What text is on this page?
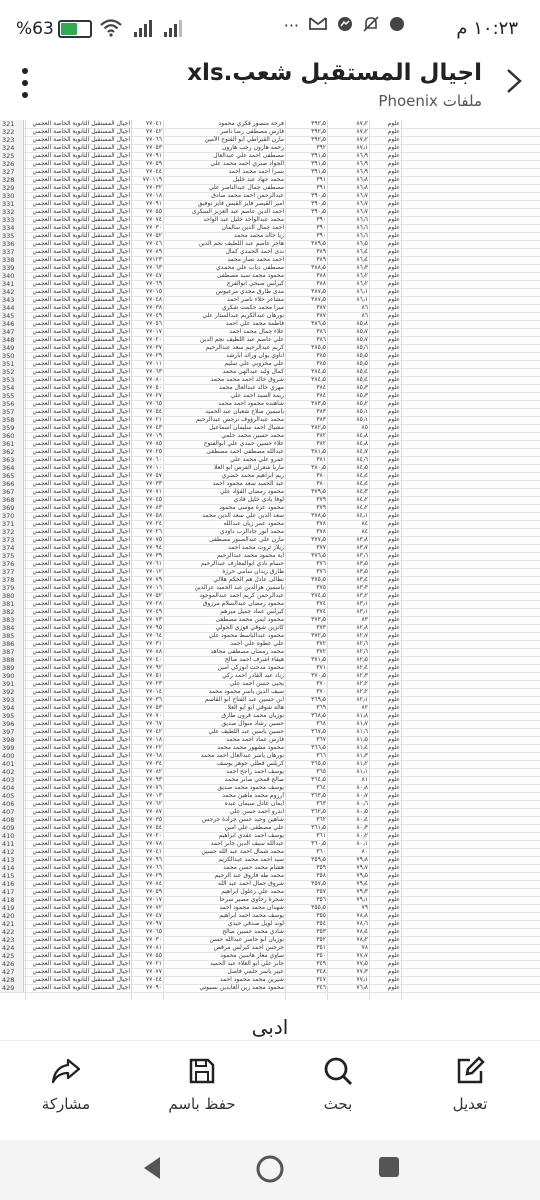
%63	···	١٠:٢٣ م
اجيال المستقبل شعب.xls
ملفات Phoenix
321	اجيال المستقبل الثانوية الخاصة العجمي	٧٧٠٤١	فرحة منصور فكري محمود	٣٩٢٫٥	٨٧٫٢	علوم
322	اجيال المستقبل الثانوية الخاصة العجمي	٧٧٠٤٢	فارس مصطفى رضا ناصر	٣٩٢٫٥	٨٧٫٢	علوم
323	اجيال المستقبل الثانوية الخاصة العجمي	٧٧٠٦٦	مازن القيراطي أبو الفتوح الأمين	٣٩٢٫٥	٨٧٫٢	علوم
324	اجيال المستقبل الثانوية الخاصة العجمي	٧٧٠٥٣	رحمه هارون رجب هارون	٣٩٢	٨٧٫١	علوم
325	اجيال المستقبل الثانوية الخاصة العجمي	٧٧٠٩١	مصطفى احمد علي عبدالعال	٣٩١٫٥	٨٦٫٩	علوم
326	اجيال المستقبل الثانوية الخاصة العجمي	٧٧٠٥٩	الجواد صبري احمد محمد علي	٣٩١٫٥	٨٦٫٩	علوم
327	اجيال المستقبل الثانوية الخاصة العجمي	٧٧٠٤٤	يسرا احمد محمد احمد	٣٩١٫٥	٨٦٫٩	علوم
328	اجيال المستقبل الثانوية الخاصة العجمي	٧٧٠١١٩	محمد جهاد عبد خليل	٣٩١	٨٦٫٨	علوم
329	اجيال المستقبل الثانوية الخاصة العجمي	٧٧٠٣٢	مصطفى جمال عبدالناصر علي	٣٩١	٨٦٫٨	علوم
330	اجيال المستقبل الثانوية الخاصة العجمي	٧٧٠١٨	عبدالرحمن احمد محمد صادق	٣٩٠٫٥	٨٦٫٧	علوم
331	اجيال المستقبل الثانوية الخاصة العجمي	٧٧٠٩١	امير القيصر فايز القيس فايز توفيق	٣٩٠٫٥	٨٦٫٧	علوم
332	اجيال المستقبل الثانوية الخاصة العجمي	٧٧٠٥٥	احمد الدين عاصم عبد العزيز السكرى	٣٩٠٫٥	٨٦٫٧	علوم
333	اجيال المستقبل الثانوية الخاصة العجمي	٧٧٠٧٤	محمد عبدالواحد خليل عبد الواحد	٣٩٠	٨٦٫٦	علوم
334	اجيال المستقبل الثانوية الخاصة العجمي	٧٧٠٣٠	احمد جمال الدين سالمان	٣٩٠	٨٦٫٦	علوم
335	اجيال المستقبل الثانوية الخاصة العجمي	٧٧٠٥٢	زيا خالد محمد محمد	٣٩٠	٨٦٫٦	علوم
336	اجيال المستقبل الثانوية الخاصة العجمي	٧٧٠٤٦	هاجر عاصم عبد اللطيف نجم الدين	٣٨٩٫٥	٨٦٫٥	علوم
337	اجيال المستقبل الثانوية الخاصة العجمي	٧٧٠٨٩	ندى احمد الحمدي كمال	٣٨٩	٨٦٫٤	علوم
338	اجيال المستقبل الثانوية الخاصة العجمي	٧٧١٢٣	احمد محمد نصار محمد	٣٨٩	٨٦٫٤	علوم
339	اجيال المستقبل الثانوية الخاصة العجمي	٧٧٠٦٣	مصطفى دياب علي محمدي	٣٨٨٫٥	٨٦٫٣	علوم
340	اجيال المستقبل الثانوية الخاصة العجمي	٧٧٠٤٧	محمود محمد سيد مصطفى	٣٨٨	٨٦٫٢	علوم
341	اجيال المستقبل الثانوية الخاصة العجمي	٧٧٠٦٩	كيرلس صبحي ابوالفرج	٣٨٨	٨٦٫٢	علوم
342	اجيال المستقبل الثانوية الخاصة العجمي	٧٧٠١٥	مدى طارق مجدي مرعيوس	٣٨٧٫٥	٨٦٫١	علوم
343	اجيال المستقبل الثانوية الخاصة العجمي	٧٧٠٤٨	مشاعر حلاء ناصر احمد	٣٨٧٫٥	٨٦٫١	علوم
344	اجيال المستقبل الثانوية الخاصة العجمي	٧٧٠٣٨	ميرا محمد حكمت شكري	٣٨٧	٨٦	علوم
345	اجيال المستقبل الثانوية الخاصة العجمي	٧٧٠٤٩	نورهان عبدالكريم عبدالستار علي	٣٨٧	٨٦	علوم
346	اجيال المستقبل الثانوية الخاصة العجمي	٧٧٠٥٦	فاطمة محمد علي احمد	٣٨٦٫٥	٨٥٫٨	علوم
347	اجيال المستقبل الثانوية الخاصة العجمي	٧٧٠١٧	علاء جمال محمد احمد	٣٨٦	٨٥٫٧	علوم
348	اجيال المستقبل الثانوية الخاصة العجمي	٧٧٠٢٠	علي عاصم عبد اللطيف نجم الدين	٣٨٦	٨٥٫٧	علوم
349	اجيال المستقبل الثانوية الخاصة العجمي	٧٧٠٣٧	كريم عبدالرحيم سعد عبدالرحيم	٣٨٥٫٥	٨٥٫٦	علوم
350	اجيال المستقبل الثانوية الخاصة العجمي	٧٧٠٢٩	اناوي يوان ورائد ابارشد	٣٨٥	٨٥٫٥	علوم
351	اجيال المستقبل الثانوية الخاصة العجمي	٧٧٠١١	علي مخزوبي علي سليم	٣٨٥	٨٥٫٥	علوم
352	اجيال المستقبل الثانوية الخاصة العجمي	٧٧٠٦٣	كمال وليد عبدالهي محمد	٣٨٤٫٥	٨٥٫٤	علوم
353	اجيال المستقبل الثانوية الخاصة العجمي	٧٧٠٨٠	شروق خالد احمد محمد محمد	٣٨٤٫٥	٨٥٫٤	علوم
354	اجيال المستقبل الثانوية الخاصة العجمي	٧٧٠٥٠	مهري خالد عبدالعال محمد	٣٨٤	٨٥٫٣	علوم
355	اجيال المستقبل الثانوية الخاصة العجمي	٧٧٠٢٧	ريمة السيد احمد علي	٣٨٤	٨٥٫٣	علوم
356	اجيال المستقبل الثانوية الخاصة العجمي	٧٧٠٦٥	شاهنده محمود احمد محمد	٣٨٣٫٥	٨٥٫٢	علوم
357	اجيال المستقبل الثانوية الخاصة العجمي	٧٧٠٥٤	ياسمين صلاح شعبان عبد الحميد	٣٨٣	٨٥٫١	علوم
358	اجيال المستقبل الثانوية الخاصة العجمي	٧٧٠٢١	محمد عبدالرؤوف نرجس عبدالرحيم	٣٨٣	٨٥٫١	علوم
359	اجيال المستقبل الثانوية الخاصة العجمي	٧٧٠٤٣	مشيال احمد سليمان اسماعيل	٣٨٢٫٥	٨٥	علوم
360	اجيال المستقبل الثانوية الخاصة العجمي	٧٧٠١٩	محمد حسين محمد حلمي	٣٨٢	٨٤٫٨	علوم
361	اجيال المستقبل الثانوية الخاصة العجمي	٧٧٠٨٥	علاء حسين حمدي علي ابوالفتوح	٣٨٢	٨٤٫٨	علوم
362	اجيال المستقبل الثانوية الخاصة العجمي	٧٧٠٢٥	عبدالله مصطفى احمد مصطفى	٣٨١٫٥	٨٤٫٧	علوم
363	اجيال المستقبل الثانوية الخاصة العجمي	٧٧٠٦٠	عمرو علي محمد علي	٣٨١	٨٤٫٦	علوم
364	اجيال المستقبل الثانوية الخاصة العجمي	٧٧٠١٠	ماريا شعران الفرس ابو العلا	٣٨٠٫٥	٨٤٫٥	علوم
365	اجيال المستقبل الثانوية الخاصة العجمي	٧٧٠٥٧	ريم ابراهيم محمد خضري	٣٨٠	٨٤٫٤	علوم
366	اجيال المستقبل الثانوية الخاصة العجمي	٧٧٠٣٣	عبد الحميد سعد محمود احمد	٣٨٠	٨٤٫٤	علوم
367	اجيال المستقبل الثانوية الخاصة العجمي	٧٧٠٧١	محمود رمضان الفؤاد علي	٣٧٩٫٥	٨٤٫٣	علوم
368	اجيال المستقبل الثانوية الخاصة العجمي	٧٧٠٤٥	لوقا بادي خليل فادي	٣٧٩	٨٤٫٢	علوم
369	اجيال المستقبل الثانوية الخاصة العجمي	٧٧٠٨٣	محمود عزة موسى محمود	٣٧٩	٨٤٫٢	علوم
370	اجيال المستقبل الثانوية الخاصة العجمي	٧٧٠٥٨	سعد الدين علي سعد الدين محمد	٣٧٨٫٥	٨٤٫١	علوم
371	اجيال المستقبل الثانوية الخاصة العجمي	٧٧٠٢٤	محمود عمر زيان عبدالله	٣٧٨	٨٤	علوم
372	اجيال المستقبل الثانوية الخاصة العجمي	٧٧٠٢٦	محمد أنور جادالرب داودي	٣٧٨	٨٤	علوم
373	اجيال المستقبل الثانوية الخاصة العجمي	٧٧٠٧٥	مازن علي عبدالصبور مصطفى	٣٧٧٫٥	٨٣٫٨	علوم
374	اجيال المستقبل الثانوية الخاصة العجمي	٧٧٠٩٤	زيلاز ثروت محمد احمد	٣٧٧	٨٣٫٧	علوم
375	اجيال المستقبل الثانوية الخاصة العجمي	٧٧٠٣٩	اية محمود محمد عبدالرحيم	٣٧٦٫٥	٨٣٫٦	علوم
376	اجيال المستقبل الثانوية الخاصة العجمي	٧٧٠٦١	حسام نادي ابوالمعارف عبدالرحيم	٣٧٦	٨٣٫٥	علوم
377	اجيال المستقبل الثانوية الخاصة العجمي	٧٧٠١٢	طارق زيدان سامي حرزة	٣٧٦	٨٣٫٥	علوم
378	اجيال المستقبل الثانوية الخاصة العجمي	٧٧٠٧٩	نظالی عادل هم الحکم هلالي	٣٧٥٫٥	٨٣٫٤	علوم
379	اجيال المستقبل الثانوية الخاصة العجمي	٧٧٠١٦	ياسمين هزالدين عبد الحميد عزالدين	٣٧٥	٨٣٫٣	علوم
380	اجيال المستقبل الثانوية الخاصة العجمي	٧٧٠٥٢	عبدالرحمن كريم احمد عبدالموجود	٣٧٤٫٥	٨٣٫٢	علوم
381	اجيال المستقبل الثانوية الخاصة العجمي	٧٧٠٢٨	محمود رمضان عبدالسلام مرزوق	٣٧٤	٨٣٫١	علوم
382	اجيال المستقبل الثانوية الخاصة العجمي	٧٧٠٤٩	كيرلس عماد جميل ميرهم	٣٧٤	٨٣٫١	علوم
383	اجيال المستقبل الثانوية الخاصة العجمي	٧٧٠٧٣	محمود ايمن محمد مصطفى	٣٧٣٫٥	٨٣	علوم
384	اجيال المستقبل الثانوية الخاصة العجمي	٧٧٠٩٥	كانزين شوقي فوزي الخولي	٣٧٣	٨٢٫٨	علوم
385	اجيال المستقبل الثانوية الخاصة العجمي	٧٧٠٦٤	محمود عبدالباسط محمود علي	٣٧٢٫٥	٨٢٫٧	علوم
386	اجيال المستقبل الثانوية الخاصة العجمي	٧٧٠٣١	علي عطوه علي احمد	٣٧٢	٨٢٫٦	علوم
387	اجيال المستقبل الثانوية الخاصة العجمي	٧٧٠٨٨	محمد رمضان مصطفى مجاهد	٣٧٢	٨٢٫٦	علوم
388	اجيال المستقبل الثانوية الخاصة العجمي	٧٧٠٤٠	هيفاء اشرف احمد صالح	٣٧١٫٥	٨٢٫٥	علوم
389	اجيال المستقبل الثانوية الخاصة العجمي	٧٧٠٩٢	محمود مدحت ابوزكي امين	٣٧١	٨٢٫٤	علوم
390	اجيال المستقبل الثانوية الخاصة العجمي	٧٧٠٥١	زياد عبد القادر احمد زكي	٣٧٠٫٥	٨٢٫٣	علوم
391	اجيال المستقبل الثانوية الخاصة العجمي	٧٧٠٢٣	يحيى حسن احمد علي	٣٧٠	٨٢٫٢	علوم
392	اجيال المستقبل الثانوية الخاصة العجمي	٧٧٠١٤	سيف الدين ياسر محمود محمد	٣٧٠	٨٢٫٢	علوم
393	اجيال المستقبل الثانوية الخاصة العجمي	٧٧٠٣٦	ابن حسين عبد الفتاح ابو القاسم	٣٦٩٫٥	٨٢٫١	علوم
394	اجيال المستقبل الثانوية الخاصة العجمي	٧٧٠٥٣	هالة شوقي أبو أبو العلا	٣٦٩	٨٢	علوم
395	اجيال المستقبل الثانوية الخاصة العجمي	٧٧٠٧٠	نوزيان محمد قرون طارق	٣٦٨٫٥	٨١٫٨	علوم
396	اجيال المستقبل الثانوية الخاصة العجمي	٧٧٠٦٧	حسين رشاد منوال صديق	٣٦٨	٨١٫٧	علوم
397	اجيال المستقبل الثانوية الخاصة العجمي	٧٧٠٤٢	حسين ياسين عبد اللطيف علي	٣٦٧٫٥	٨١٫٦	علوم
398	اجيال المستقبل الثانوية الخاصة العجمي	٧٧٠١٨	فارس عماد احمد محمد	٣٦٧	٨١٫٥	علوم
399	اجيال المستقبل الثانوية الخاصة العجمي	٧٧٠٢٢	محمود مشهور محمد محمد	٣٦٦٫٥	٨١٫٤	علوم
400	اجيال المستقبل الثانوية الخاصة العجمي	٧٧٠٦٨	نورهان ياسر عبدالعال احمد محمد	٣٦٦	٨١٫٣	علوم
401	اجيال المستقبل الثانوية الخاصة العجمي	٧٧٠٣٤	كريلس قطلي جوهر يوسف	٣٦٥٫٥	٨١٫٢	علوم
402	اجيال المستقبل الثانوية الخاصة العجمي	٧٧٠٨٢	يوسف احمد راجح احمد	٣٦٥	٨١٫١	علوم
403	اجيال المستقبل الثانوية الخاصة العجمي	٧٧٠٩٣	صالح قمحي صابر محمد	٣٦٤٫٥	٨١	علوم
404	اجيال المستقبل الثانوية الخاصة العجمي	٧٧٠٧٦	يوسف محمود محمد صديق	٣٦٤	٨٠٫٨	علوم
405	اجيال المستقبل الثانوية الخاصة العجمي	٧٧٠١٣	أرزوم محمد ماهين محمد	٣٦٣٫٥	٨٠٫٧	علوم
406	اجيال المستقبل الثانوية الخاصة العجمي	٧٧٠٦٢	ايمان عادل سيمان عبده	٣٦٣	٨٠٫٦	علوم
407	اجيال المستقبل الثانوية الخاصة العجمي	٧٧٠٨٧	اندرو احمد حسن علي	٣٦٢٫٥	٨٠٫٥	علوم
408	اجيال المستقبل الثانوية الخاصة العجمي	٧٧٠٣٥	شاهين وحيد حسن جرادة جرجس	٣٦٢	٨٠٫٤	علوم
409	اجيال المستقبل الثانوية الخاصة العجمي	٧٧٠٥٤	علي مصطفى علي امين	٣٦١٫٥	٨٠٫٣	علوم
410	اجيال المستقبل الثانوية الخاصة العجمي	٧٧٠٢٠	يوسف احمد عقدي ابراهيم	٣٦١	٨٠٫٢	علوم
411	اجيال المستقبل الثانوية الخاصة العجمي	٧٧٠٧٨	عبدالله سيف الدين جابر احمد	٣٦٠٫٥	٨٠٫١	علوم
412	اجيال المستقبل الثانوية الخاصة العجمي	٧٧٠٤١	محمد شمال احمد عبد الله حسين	٣٦٠	٨٠	علوم
413	اجيال المستقبل الثانوية الخاصة العجمي	٧٧٠٩٦	سيد احمد محمد عبدالكريم	٣٥٩٫٥	٧٩٫٨	علوم
414	اجيال المستقبل الثانوية الخاصة العجمي	٧٧٠٦٦	هشام محمد حسن محمد	٣٥٩	٧٩٫٧	علوم
415	اجيال المستقبل الثانوية الخاصة العجمي	٧٧٠٢٩	محمد طه فاروق عبد الرحيم	٣٥٨	٧٩٫٥	علوم
416	اجيال المستقبل الثانوية الخاصة العجمي	٧٧٠٨٤	شروق جمال احمد عبد الله	٣٥٧٫٥	٧٩٫٤	علوم
417	اجيال المستقبل الثانوية الخاصة العجمي	٧٧٠٥٩	محمد علي زغلول ابراهيم	٣٥٧	٧٩٫٣	علوم
418	اجيال المستقبل الثانوية الخاصة العجمي	٧٧٠١٧	شحرة رحاوي مصير سرحا	٣٥٦	٧٩٫١	علوم
419	اجيال المستقبل الثانوية الخاصة العجمي	٧٧٠٧٢	شهدان محمد محمود احمد	٣٥٥٫٥	٧٩	علوم
420	اجيال المستقبل الثانوية الخاصة العجمي	٧٧٠٤٧	يوسف محمد احمد ابراهيم	٣٥٥	٧٨٫٨	علوم
421	اجيال المستقبل الثانوية الخاصة العجمي	٧٧٠٩٧	لوند لويل صدقي حيدي	٣٥٤	٧٨٫٦	علوم
422	اجيال المستقبل الثانوية الخاصة العجمي	٧٧٠٦٥	شادي محمد حسين صالح	٣٥٣	٧٨٫٤	علوم
423	اجيال المستقبل الثانوية الخاصة العجمي	٧٧٠٣٠	نوزيان أبو حاصر عبدالله حسن	٣٥٢	٧٨٫٢	علوم
424	اجيال المستقبل الثانوية الخاصة العجمي	٧٧٠٨١	جرجس احمد كيرلس مرقص	٣٥١	٧٨	علوم
425	اجيال المستقبل الثانوية الخاصة العجمي	٧٧٠٥٥	ساوي معاز هاسين محمود	٣٥٠	٧٧٫٧	علوم
426	اجيال المستقبل الثانوية الخاصة العجمي	٧٧٠٢١	جابر علي ابو العلاء عبد الحميد	٣٤٩	٧٧٫٥	علوم
427	اجيال المستقبل الثانوية الخاصة العجمي	٧٧٠٧٧	عبير ياسر حلمي فاضل	٣٤٨	٧٧٫٣	علوم
428	اجيال المستقبل الثانوية الخاصة العجمي	٧٧٠٤٤	شيرين محمد محمود احمد	٣٤٧	٧٧٫١	علوم
429	اجيال المستقبل الثانوية الخاصة العجمي	٧٧٠٩٠	محمود محمد زين العابدين بسيوني	٣٤٦	٧٦٫٨	علوم
ادبى
تعديل
بحث
حفظ باسم
مشاركة
